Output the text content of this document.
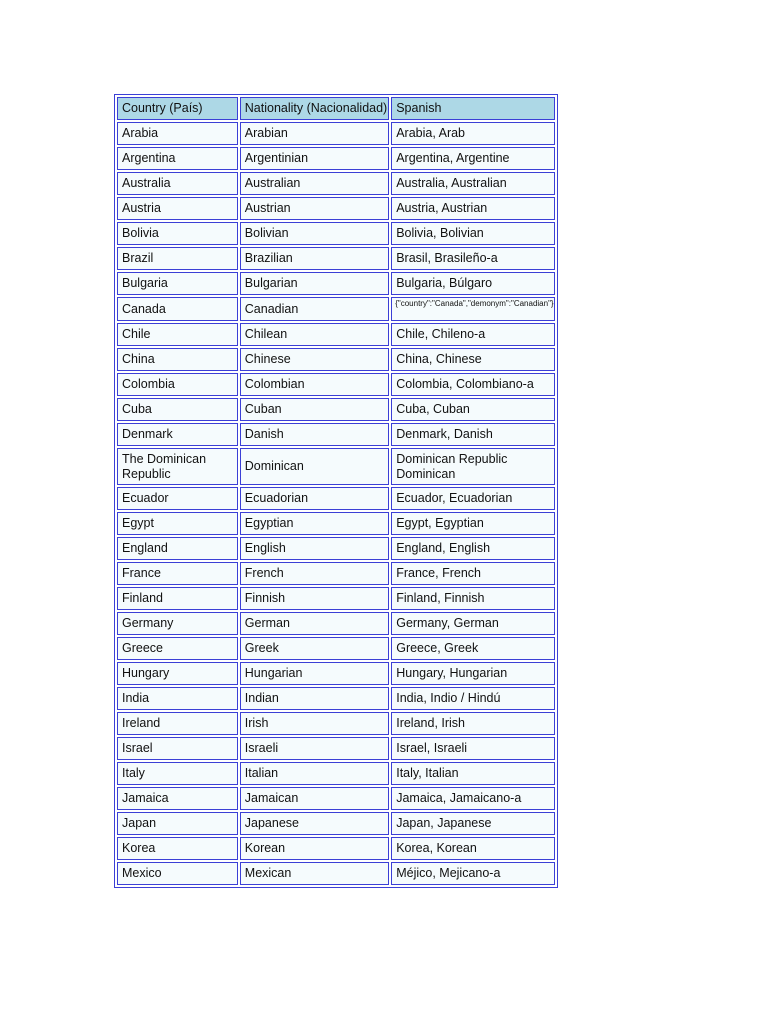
Country (País)	Nationality (Nacionalidad)	Spanish
Arabia	Arabian	Arabia, Arab
Argentina	Argentinian	Argentina, Argentine
Australia	Australian	Australia, Australian
Austria	Austrian	Austria, Austrian
Bolivia	Bolivian	Bolivia, Bolivian
Brazil	Brazilian	Brasil, Brasileño-a
Bulgaria	Bulgarian	Bulgaria, Búlgaro
Canada	Canadian	{"country":"Canada","demonym":"Canadian"}
Chile	Chilean	Chile, Chileno-a
China	Chinese	China, Chinese
Colombia	Colombian	Colombia, Colombiano-a
Cuba	Cuban	Cuba, Cuban
Denmark	Danish	Denmark, Danish
The Dominican Republic	Dominican	Dominican Republic Dominican
Ecuador	Ecuadorian	Ecuador, Ecuadorian
Egypt	Egyptian	Egypt, Egyptian
England	English	England, English
France	French	France, French
Finland	Finnish	Finland, Finnish
Germany	German	Germany, German
Greece	Greek	Greece, Greek
Hungary	Hungarian	Hungary, Hungarian
India	Indian	India, Indio / Hindú
Ireland	Irish	Ireland, Irish
Israel	Israeli	Israel, Israeli
Italy	Italian	Italy, Italian
Jamaica	Jamaican	Jamaica, Jamaicano-a
Japan	Japanese	Japan, Japanese
Korea	Korean	Korea, Korean
Mexico	Mexican	Méjico, Mejicano-a
